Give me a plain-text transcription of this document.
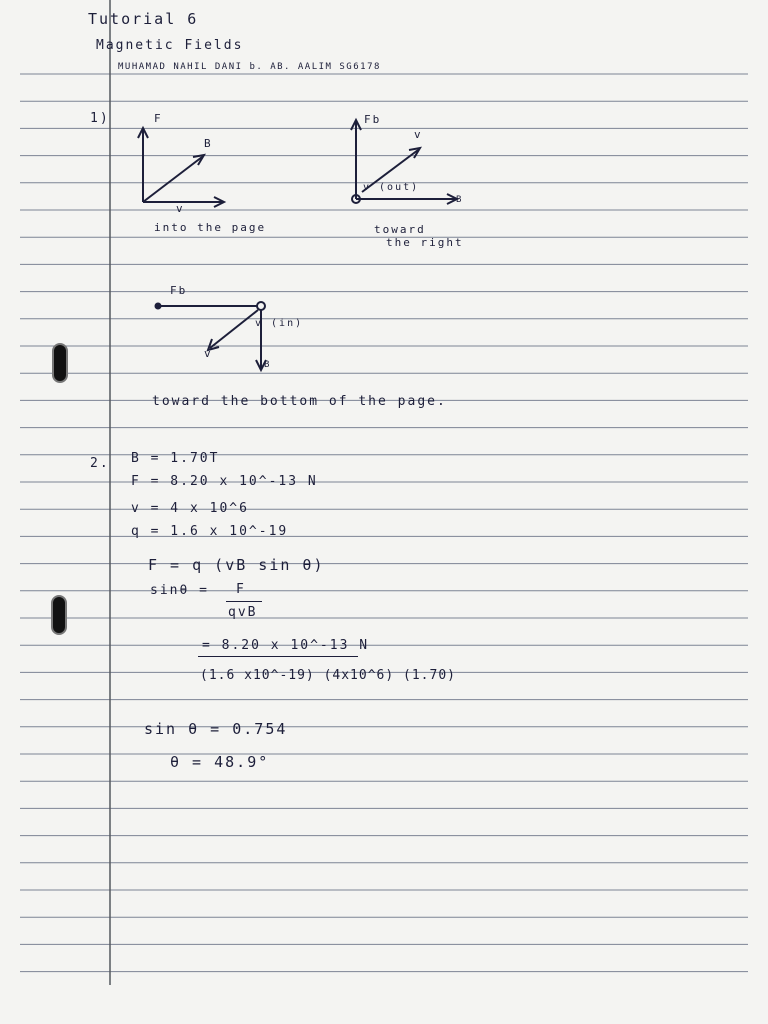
Tutorial 6
Magnetic Fields
MUHAMAD NAHIL DANI b. AB. AALIM SG6178
1)	F
v
B
into the page
Fb
v
v (out)
B
toward
the right
Fb
v (in)
v
B
toward the bottom of the page.
2. B = 1.70T
F = 8.20 x 10^-13 N
v = 4 x 10^6
q = 1.6 x 10^-19
F = q (vB sin θ)
sinθ = F
qvB
= 8.20 x 10^-13 N
(1.6 x10^-19) (4x10^6) (1.70)
sin θ = 0.754
θ = 48.9°
